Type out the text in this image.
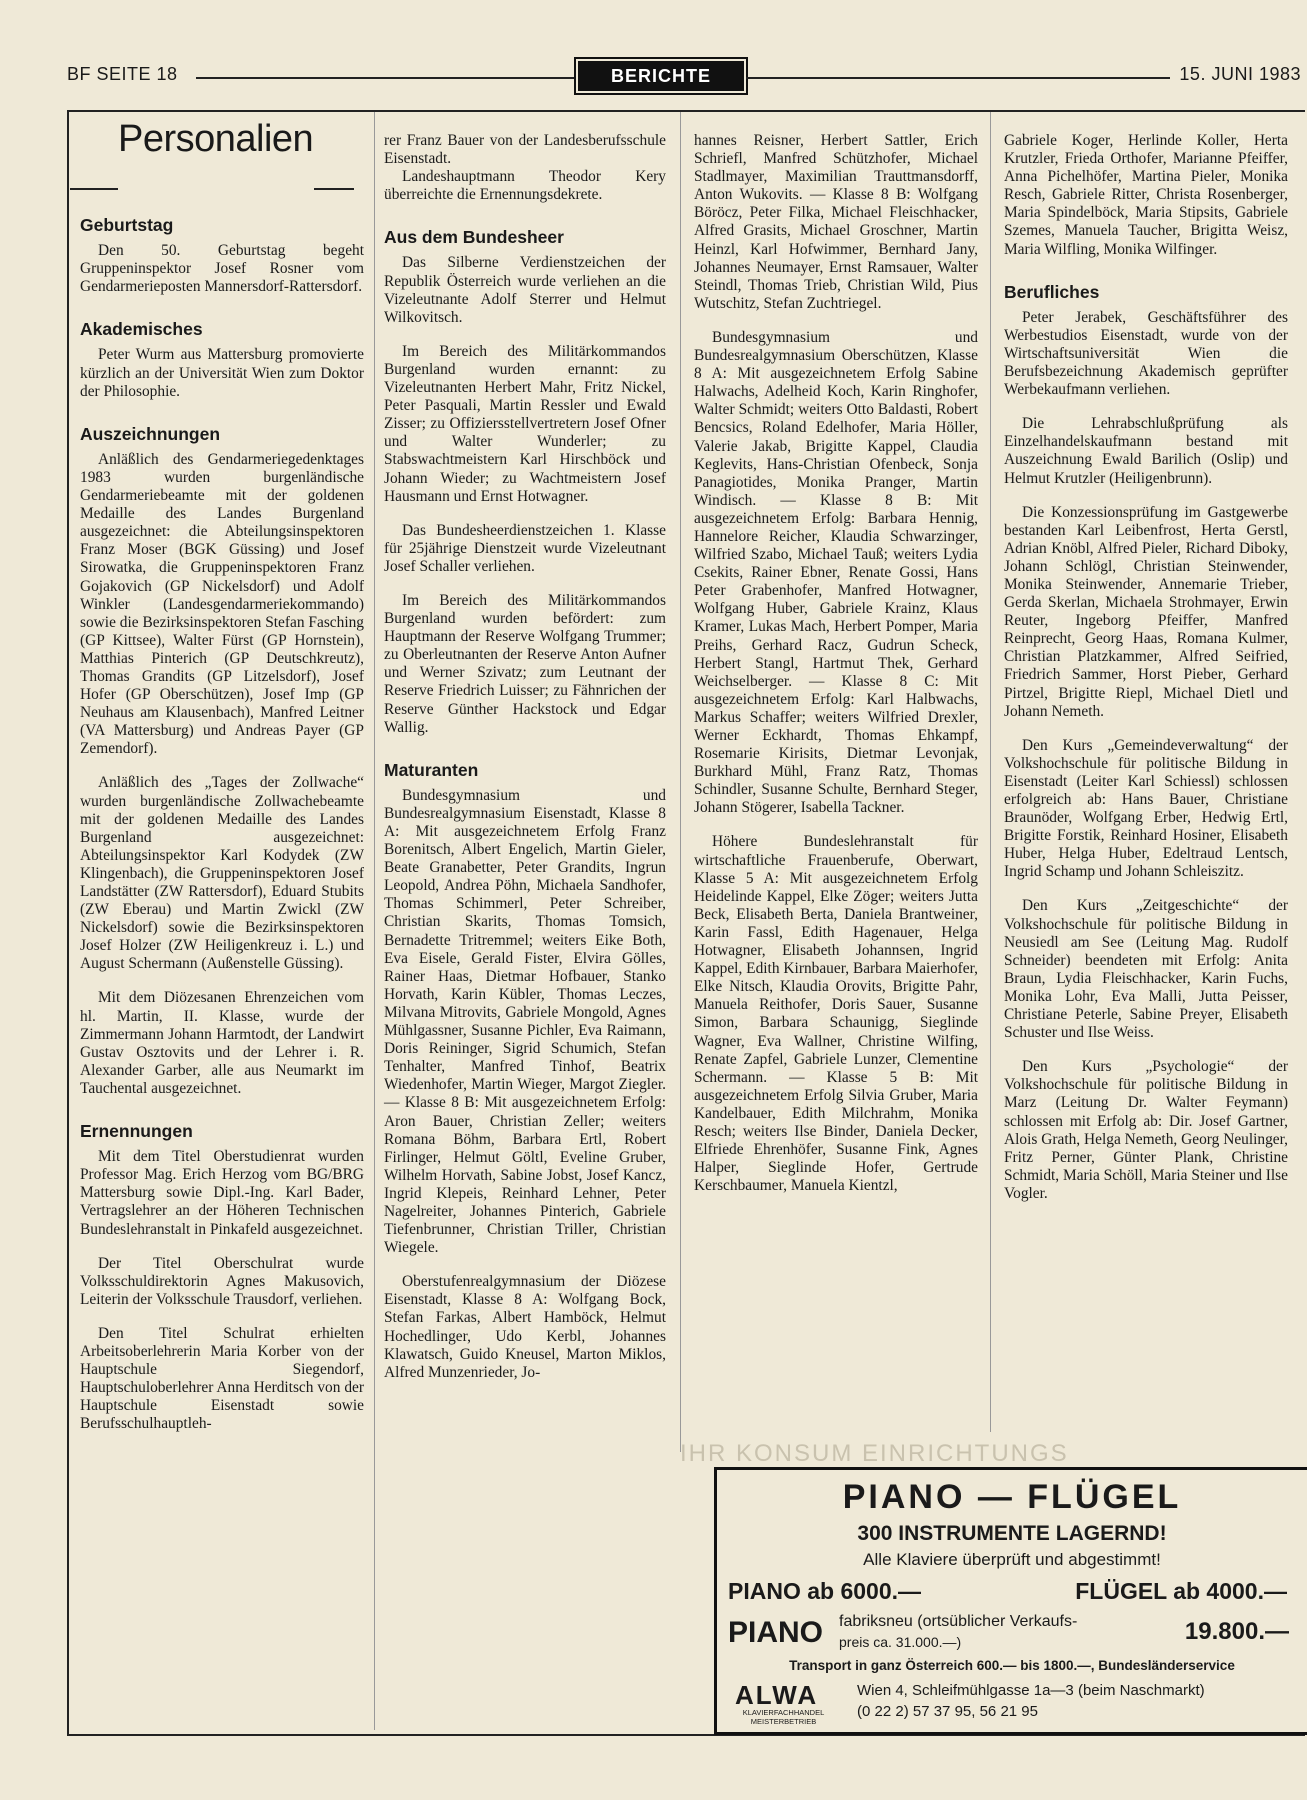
BF SEITE 18	BERICHTE	15. JUNI 1983
Personalien
Geburtstag

Den 50. Geburtstag begeht Gruppeninspektor Josef Rosner vom Gendarmerieposten Mannersdorf-Rattersdorf.

Akademisches

Peter Wurm aus Mattersburg promovierte kürzlich an der Universität Wien zum Doktor der Philosophie.

Auszeichnungen

Anläßlich des Gendarmeriegedenktages 1983 wurden burgenländische Gendarmeriebeamte mit der goldenen Medaille des Landes Burgenland ausgezeichnet: die Abteilungsinspektoren Franz Moser (BGK Güssing) und Josef Sirowatka, die Gruppeninspektoren Franz Gojakovich (GP Nickelsdorf) und Adolf Winkler (Landesgendarmeriekommando) sowie die Bezirksinspektoren Stefan Fasching (GP Kittsee), Walter Fürst (GP Hornstein), Matthias Pinterich (GP Deutschkreutz), Thomas Grandits (GP Litzelsdorf), Josef Hofer (GP Oberschützen), Josef Imp (GP Neuhaus am Klausenbach), Manfred Leitner (VA Mattersburg) und Andreas Payer (GP Zemendorf).

Anläßlich des „Tages der Zollwache“ wurden burgenländische Zollwachebeamte mit der goldenen Medaille des Landes Burgenland ausgezeichnet: Abteilungsinspektor Karl Kodydek (ZW Klingenbach), die Gruppeninspektoren Josef Landstätter (ZW Rattersdorf), Eduard Stubits (ZW Eberau) und Martin Zwickl (ZW Nickelsdorf) sowie die Bezirksinspektoren Josef Holzer (ZW Heiligenkreuz i. L.) und August Schermann (Außenstelle Güssing).

Mit dem Diözesanen Ehrenzeichen vom hl. Martin, II. Klasse, wurde der Zimmermann Johann Harmtodt, der Landwirt Gustav Osztovits und der Lehrer i. R. Alexander Garber, alle aus Neumarkt im Tauchental ausgezeichnet.

Ernennungen

Mit dem Titel Oberstudienrat wurden Professor Mag. Erich Herzog vom BG/BRG Mattersburg sowie Dipl.-Ing. Karl Bader, Vertragslehrer an der Höheren Technischen Bundeslehranstalt in Pinkafeld ausgezeichnet.

Der Titel Oberschulrat wurde Volksschuldirektorin Agnes Makusovich, Leiterin der Volksschule Trausdorf, verliehen.

Den Titel Schulrat erhielten Arbeitsoberlehrerin Maria Korber von der Hauptschule Siegendorf, Hauptschuloberlehrer Anna Herditsch von der Hauptschule Eisenstadt sowie Berufsschulhauptleh-

rer Franz Bauer von der Landesberufsschule Eisenstadt.

Landeshauptmann Theodor Kery überreichte die Ernennungsdekrete.

Aus dem Bundesheer

Das Silberne Verdienstzeichen der Republik Österreich wurde verliehen an die Vizeleutnante Adolf Sterrer und Helmut Wilkovitsch.

Im Bereich des Militärkommandos Burgenland wurden ernannt: zu Vizeleutnanten Herbert Mahr, Fritz Nickel, Peter Pasquali, Martin Ressler und Ewald Zisser; zu Offiziersstellvertretern Josef Ofner und Walter Wunderler; zu Stabswachtmeistern Karl Hirschböck und Johann Wieder; zu Wachtmeistern Josef Hausmann und Ernst Hotwagner.

Das Bundesheerdienstzeichen 1. Klasse für 25jährige Dienstzeit wurde Vizeleutnant Josef Schaller verliehen.

Im Bereich des Militärkommandos Burgenland wurden befördert: zum Hauptmann der Reserve Wolfgang Trummer; zu Oberleutnanten der Reserve Anton Aufner und Werner Szivatz; zum Leutnant der Reserve Friedrich Luisser; zu Fähnrichen der Reserve Günther Hackstock und Edgar Wallig.

Maturanten

Bundesgymnasium und Bundesrealgymnasium Eisenstadt, Klasse 8 A: Mit ausgezeichnetem Erfolg Franz Borenitsch, Albert Engelich, Martin Gieler, Beate Granabetter, Peter Grandits, Ingrun Leopold, Andrea Pöhn, Michaela Sandhofer, Thomas Schimmerl, Peter Schreiber, Christian Skarits, Thomas Tomsich, Bernadette Tritremmel; weiters Eike Both, Eva Eisele, Gerald Fister, Elvira Gölles, Rainer Haas, Dietmar Hofbauer, Stanko Horvath, Karin Kübler, Thomas Leczes, Milvana Mitrovits, Gabriele Mongold, Agnes Mühlgassner, Susanne Pichler, Eva Raimann, Doris Reininger, Sigrid Schumich, Stefan Tenhalter, Manfred Tinhof, Beatrix Wiedenhofer, Martin Wieger, Margot Ziegler. — Klasse 8 B: Mit ausgezeichnetem Erfolg: Aron Bauer, Christian Zeller; weiters Romana Böhm, Barbara Ertl, Robert Firlinger, Helmut Göltl, Eveline Gruber, Wilhelm Horvath, Sabine Jobst, Josef Kancz, Ingrid Klepeis, Reinhard Lehner, Peter Nagelreiter, Johannes Pinterich, Gabriele Tiefenbrunner, Christian Triller, Christian Wiegele.

Oberstufenrealgymnasium der Diözese Eisenstadt, Klasse 8 A: Wolfgang Bock, Stefan Farkas, Albert Hamböck, Helmut Hochedlinger, Udo Kerbl, Johannes Klawatsch, Guido Kneusel, Marton Miklos, Alfred Munzenrieder, Jo-

hannes Reisner, Herbert Sattler, Erich Schriefl, Manfred Schützhofer, Michael Stadlmayer, Maximilian Trauttmansdorff, Anton Wukovits. — Klasse 8 B: Wolfgang Böröcz, Peter Filka, Michael Fleischhacker, Alfred Grasits, Michael Groschner, Martin Heinzl, Karl Hofwimmer, Bernhard Jany, Johannes Neumayer, Ernst Ramsauer, Walter Steindl, Thomas Trieb, Christian Wild, Pius Wutschitz, Stefan Zuchtriegel.

Bundesgymnasium und Bundesrealgymnasium Oberschützen, Klasse 8 A: Mit ausgezeichnetem Erfolg Sabine Halwachs, Adelheid Koch, Karin Ringhofer, Walter Schmidt; weiters Otto Baldasti, Robert Bencsics, Roland Edelhofer, Maria Höller, Valerie Jakab, Brigitte Kappel, Claudia Keglevits, Hans-Christian Ofenbeck, Sonja Panagiotides, Monika Pranger, Martin Windisch. — Klasse 8 B: Mit ausgezeichnetem Erfolg: Barbara Hennig, Hannelore Reicher, Klaudia Schwarzinger, Wilfried Szabo, Michael Tauß; weiters Lydia Csekits, Rainer Ebner, Renate Gossi, Hans Peter Grabenhofer, Manfred Hotwagner, Wolfgang Huber, Gabriele Krainz, Klaus Kramer, Lukas Mach, Herbert Pomper, Maria Preihs, Gerhard Racz, Gudrun Scheck, Herbert Stangl, Hartmut Thek, Gerhard Weichselberger. — Klasse 8 C: Mit ausgezeichnetem Erfolg: Karl Halbwachs, Markus Schaffer; weiters Wilfried Drexler, Werner Eckhardt, Thomas Ehkampf, Rosemarie Kirisits, Dietmar Levonjak, Burkhard Mühl, Franz Ratz, Thomas Schindler, Susanne Schulte, Bernhard Steger, Johann Stögerer, Isabella Tackner.

Höhere Bundeslehranstalt für wirtschaftliche Frauenberufe, Oberwart, Klasse 5 A: Mit ausgezeichnetem Erfolg Heidelinde Kappel, Elke Zöger; weiters Jutta Beck, Elisabeth Berta, Daniela Brantweiner, Karin Fassl, Edith Hagenauer, Helga Hotwagner, Elisabeth Johannsen, Ingrid Kappel, Edith Kirnbauer, Barbara Maierhofer, Elke Nitsch, Klaudia Orovits, Brigitte Pahr, Manuela Reithofer, Doris Sauer, Susanne Simon, Barbara Schaunigg, Sieglinde Wagner, Eva Wallner, Christine Wilfing, Renate Zapfel, Gabriele Lunzer, Clementine Schermann. — Klasse 5 B: Mit ausgezeichnetem Erfolg Silvia Gruber, Maria Kandelbauer, Edith Milchrahm, Monika Resch; weiters Ilse Binder, Daniela Decker, Elfriede Ehrenhöfer, Susanne Fink, Agnes Halper, Sieglinde Hofer, Gertrude Kerschbaumer, Manuela Kientzl,

Gabriele Koger, Herlinde Koller, Herta Krutzler, Frieda Orthofer, Marianne Pfeiffer, Anna Pichelhöfer, Martina Pieler, Monika Resch, Gabriele Ritter, Christa Rosenberger, Maria Spindelböck, Maria Stipsits, Gabriele Szemes, Manuela Taucher, Brigitta Weisz, Maria Wilfling, Monika Wilfinger.

Berufliches

Peter Jerabek, Geschäftsführer des Werbestudios Eisenstadt, wurde von der Wirtschaftsuniversität Wien die Berufsbezeichnung Akademisch geprüfter Werbekaufmann verliehen.

Die Lehrabschlußprüfung als Einzelhandelskaufmann bestand mit Auszeichnung Ewald Barilich (Oslip) und Helmut Krutzler (Heiligenbrunn).

Die Konzessionsprüfung im Gastgewerbe bestanden Karl Leibenfrost, Herta Gerstl, Adrian Knöbl, Alfred Pieler, Richard Diboky, Johann Schlögl, Christian Steinwender, Monika Steinwender, Annemarie Trieber, Gerda Skerlan, Michaela Strohmayer, Erwin Reuter, Ingeborg Pfeiffer, Manfred Reinprecht, Georg Haas, Romana Kulmer, Christian Platzkammer, Alfred Seifried, Friedrich Sammer, Horst Pieber, Gerhard Pirtzel, Brigitte Riepl, Michael Dietl und Johann Nemeth.

Den Kurs „Gemeindeverwaltung“ der Volkshochschule für politische Bildung in Eisenstadt (Leiter Karl Schiessl) schlossen erfolgreich ab: Hans Bauer, Christiane Braunöder, Wolfgang Erber, Hedwig Ertl, Brigitte Forstik, Reinhard Hosiner, Elisabeth Huber, Helga Huber, Edeltraud Lentsch, Ingrid Schamp und Johann Schleiszitz.

Den Kurs „Zeitgeschichte“ der Volkshochschule für politische Bildung in Neusiedl am See (Leitung Mag. Rudolf Schneider) beendeten mit Erfolg: Anita Braun, Lydia Fleischhacker, Karin Fuchs, Monika Lohr, Eva Malli, Jutta Peisser, Christiane Peterle, Sabine Preyer, Elisabeth Schuster und Ilse Weiss.

Den Kurs „Psychologie“ der Volkshochschule für politische Bildung in Marz (Leitung Dr. Walter Feymann) schlossen mit Erfolg ab: Dir. Josef Gartner, Alois Grath, Helga Nemeth, Georg Neulinger, Fritz Perner, Günter Plank, Christine Schmidt, Maria Schöll, Maria Steiner und Ilse Vogler.

IHR KONSUM EINRICHTUNGS
PIANO — FLÜGEL
300 INSTRUMENTE LAGERND!
Alle Klaviere überprüft und abgestimmt!
PIANO ab 6000.—	FLÜGEL ab 4000.—
PIANO fabriksneu (ortsüblicher Verkaufs-
preis ca. 31.000.—)	19.800.—
Transport in ganz Österreich 600.— bis 1800.—, Bundesländerservice
ALWA
KLAVIERFACHHANDEL MEISTERBETRIEB
Wien 4, Schleifmühlgasse 1a—3 (beim Naschmarkt)
(0 22 2) 57 37 95, 56 21 95
